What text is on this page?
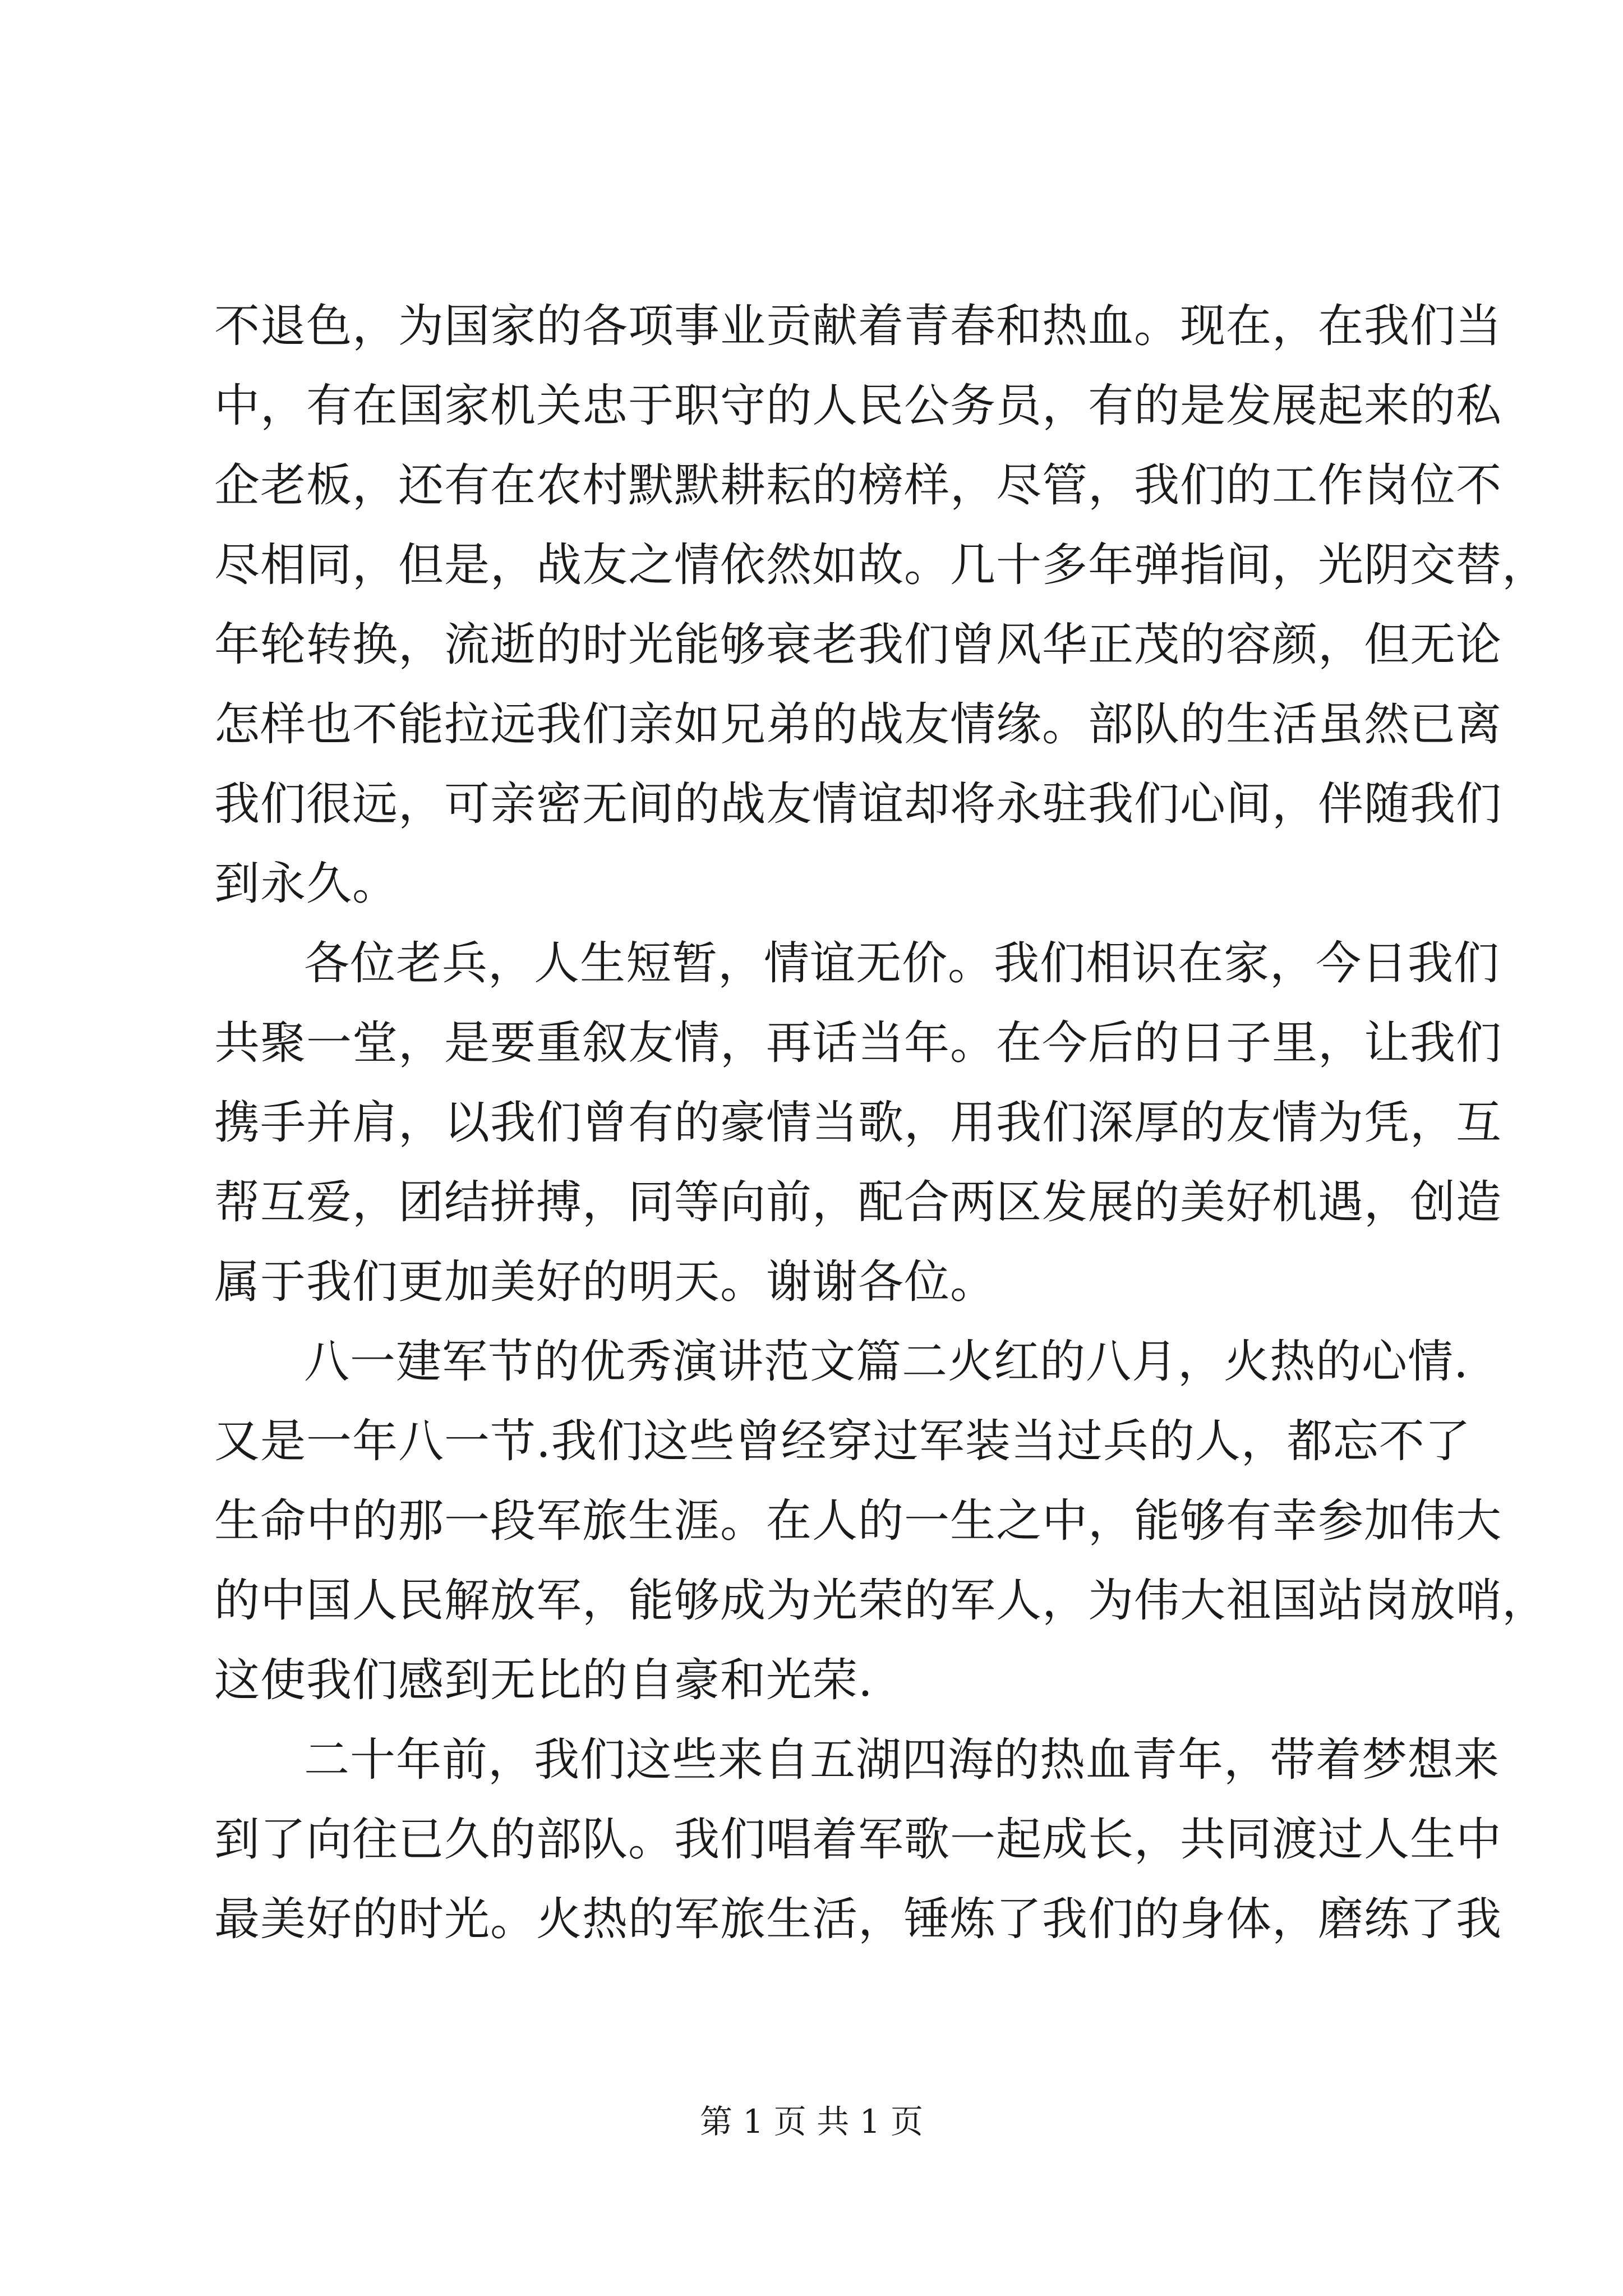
不退色，为国家的各项事业贡献着青春和热血。现在，在我们当
中，有在国家机关忠于职守的人民公务员，有的是发展起来的私
企老板，还有在农村默默耕耘的榜样，尽管，我们的工作岗位不
尽相同，但是，战友之情依然如故。几十多年弹指间，光阴交替，
年轮转换，流逝的时光能够衰老我们曾风华正茂的容颜，但无论
怎样也不能拉远我们亲如兄弟的战友情缘。部队的生活虽然已离
我们很远，可亲密无间的战友情谊却将永驻我们心间，伴随我们
到永久。
各位老兵，人生短暂，情谊无价。我们相识在家，今日我们
共聚一堂，是要重叙友情，再话当年。在今后的日子里，让我们
携手并肩，以我们曾有的豪情当歌，用我们深厚的友情为凭，互
帮互爱，团结拼搏，同等向前，配合两区发展的美好机遇，创造
属于我们更加美好的明天。谢谢各位。
八一建军节的优秀演讲范文篇二火红的八月，火热的心情.
又是一年八一节.我们这些曾经穿过军装当过兵的人，都忘不了
生命中的那一段军旅生涯。在人的一生之中，能够有幸参加伟大
的中国人民解放军，能够成为光荣的军人，为伟大祖国站岗放哨，
这使我们感到无比的自豪和光荣.
二十年前，我们这些来自五湖四海的热血青年，带着梦想来
到了向往已久的部队。我们唱着军歌一起成长，共同渡过人生中
最美好的时光。火热的军旅生活，锤炼了我们的身体，磨练了我
第 1 页 共 1 页
